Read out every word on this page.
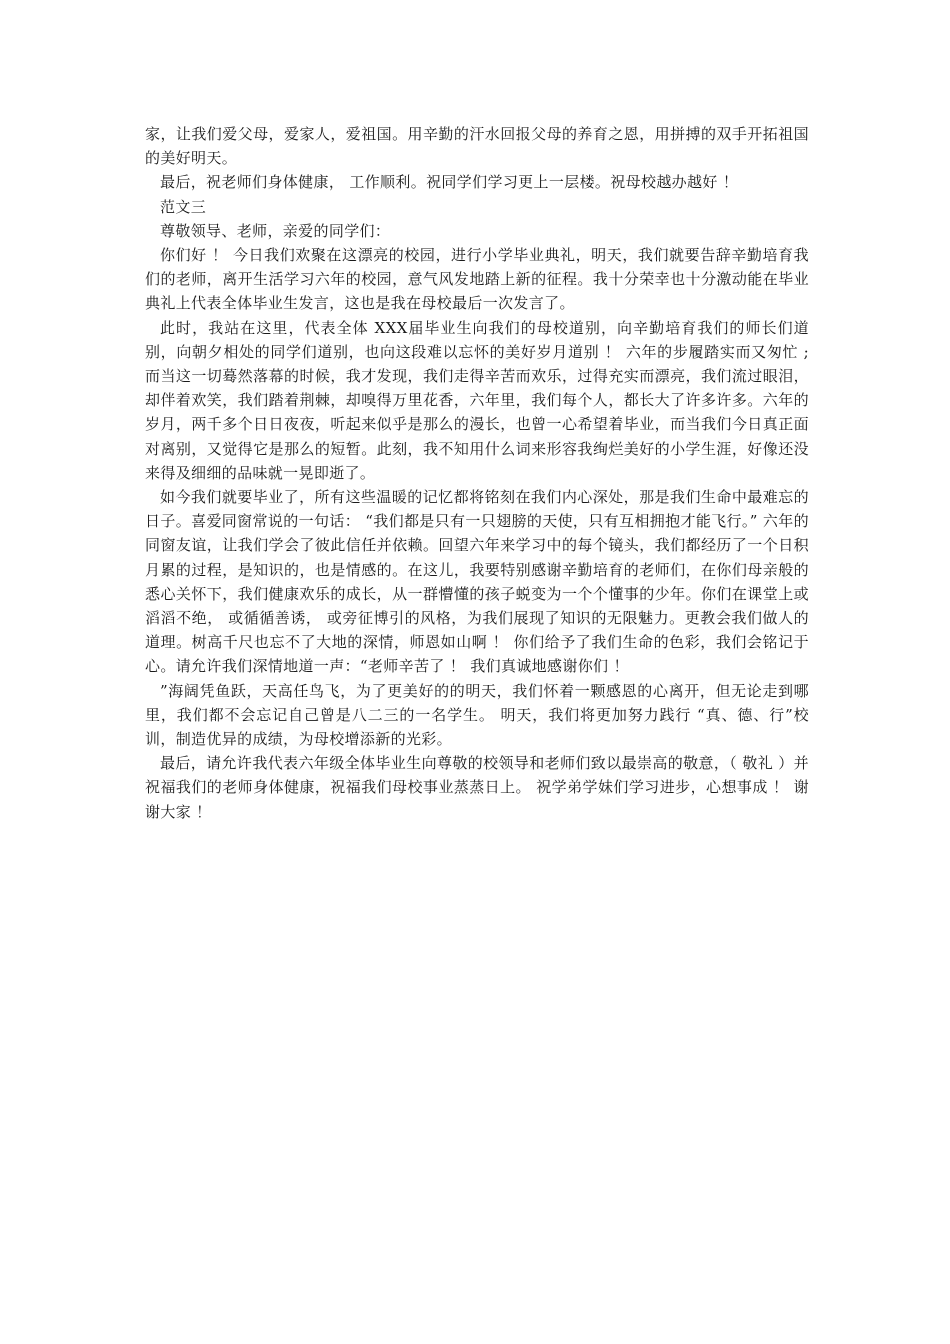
家，让我们爱父母，爱家人，爱祖国。用辛勤的汗水回报父母的养育之恩，用拼搏的双手开拓祖国的美好明天。

最后，祝老师们身体健康， 工作顺利。祝同学们学习更上一层楼。祝母校越办越好 ！

范文三

尊敬领导、老师，亲爱的同学们：

你们好 ！ 今日我们欢聚在这漂亮的校园，进行小学毕业典礼，明天，我们就要告辞辛勤培育我们的老师，离开生活学习六年的校园，意气风发地踏上新的征程。我十分荣幸也十分激动能在毕业典礼上代表全体毕业生发言，这也是我在母校最后一次发言了。

此时，我站在这里，代表全体 XXX届毕业生向我们的母校道别，向辛勤培育我们的师长们道别，向朝夕相处的同学们道别，也向这段难以忘怀的美好岁月道别 ！ 六年的步履踏实而又匆忙 ; 而当这一切蓦然落幕的时候，我才发现，我们走得辛苦而欢乐，过得充实而漂亮，我们流过眼泪，却伴着欢笑，我们踏着荆棘，却嗅得万里花香，六年里，我们每个人，都长大了许多许多。六年的岁月，两千多个日日夜夜，听起来似乎是那么的漫长，也曾一心希望着毕业，而当我们今日真正面对离别，又觉得它是那么的短暂。此刻，我不知用什么词来形容我绚烂美好的小学生涯，好像还没来得及细细的品味就一晃即逝了。

如今我们就要毕业了，所有这些温暖的记忆都将铭刻在我们内心深处，那是我们生命中最难忘的日子。喜爱同窗常说的一句话： “我们都是只有一只翅膀的天使，只有互相拥抱才能飞行。” 六年的同窗友谊，让我们学会了彼此信任并依赖。回望六年来学习中的每个镜头，我们都经历了一个日积月累的过程，是知识的，也是情感的。在这儿，我要特别感谢辛勤培育的老师们，在你们母亲般的悉心关怀下，我们健康欢乐的成长，从一群懵懂的孩子蜕变为一个个懂事的少年。你们在课堂上或滔滔不绝， 或循循善诱， 或旁征博引的风格，为我们展现了知识的无限魅力。更教会我们做人的道理。树高千尺也忘不了大地的深情，师恩如山啊 ！ 你们给予了我们生命的色彩，我们会铭记于心。请允许我们深情地道一声：“老师辛苦了 ！ 我们真诚地感谢你们 ！

”海阔凭鱼跃，天高任鸟飞，为了更美好的的明天，我们怀着一颗感恩的心离开，但无论走到哪里，我们都不会忘记自己曾是八二三的一名学生。 明天，我们将更加努力践行 “真、德、行”校训，制造优异的成绩，为母校增添新的光彩。

最后，请允许我代表六年级全体毕业生向尊敬的校领导和老师们致以最崇高的敬意，（ 敬礼 ）并祝福我们的老师身体健康，祝福我们母校事业蒸蒸日上。 祝学弟学妹们学习进步，心想事成 ！ 谢谢大家 ！
